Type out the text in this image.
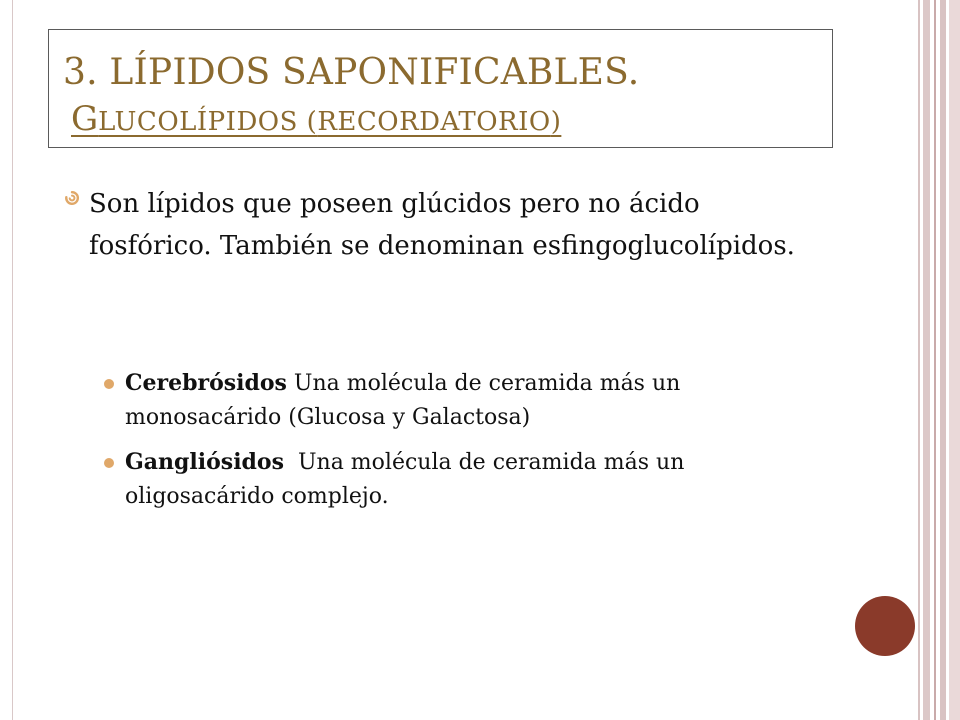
3. LÍPIDOS SAPONIFICABLES.
GLUCOLÍPIDOS (RECORDATORIO)

Son lípidos que poseen glúcidos pero no ácido fosfórico. También se denominan esfingoglucolípidos.

Cerebrósidos Una molécula de ceramida más un monosacárido (Glucosa y Galactosa)

Gangliósidos  Una molécula de ceramida más un oligosacárido complejo.
